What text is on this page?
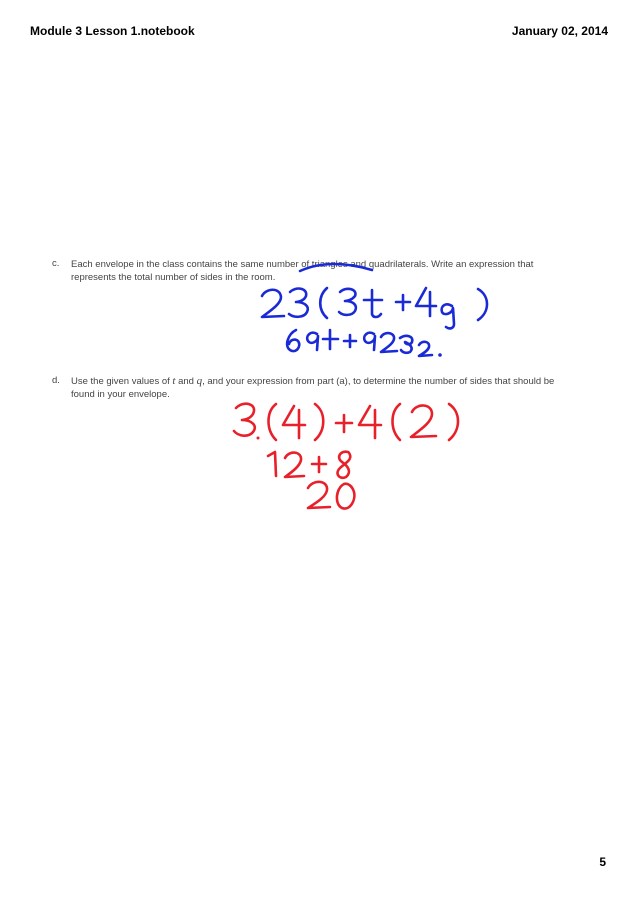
Module 3 Lesson 1.notebook	January 02, 2014
c. Each envelope in the class contains the same number of triangles and quadrilaterals. Write an expression that
represents the total number of sides in the room.
d. Use the given values of t and q, and your expression from part (a), to determine the number of sides that should be
found in your envelope.
5
